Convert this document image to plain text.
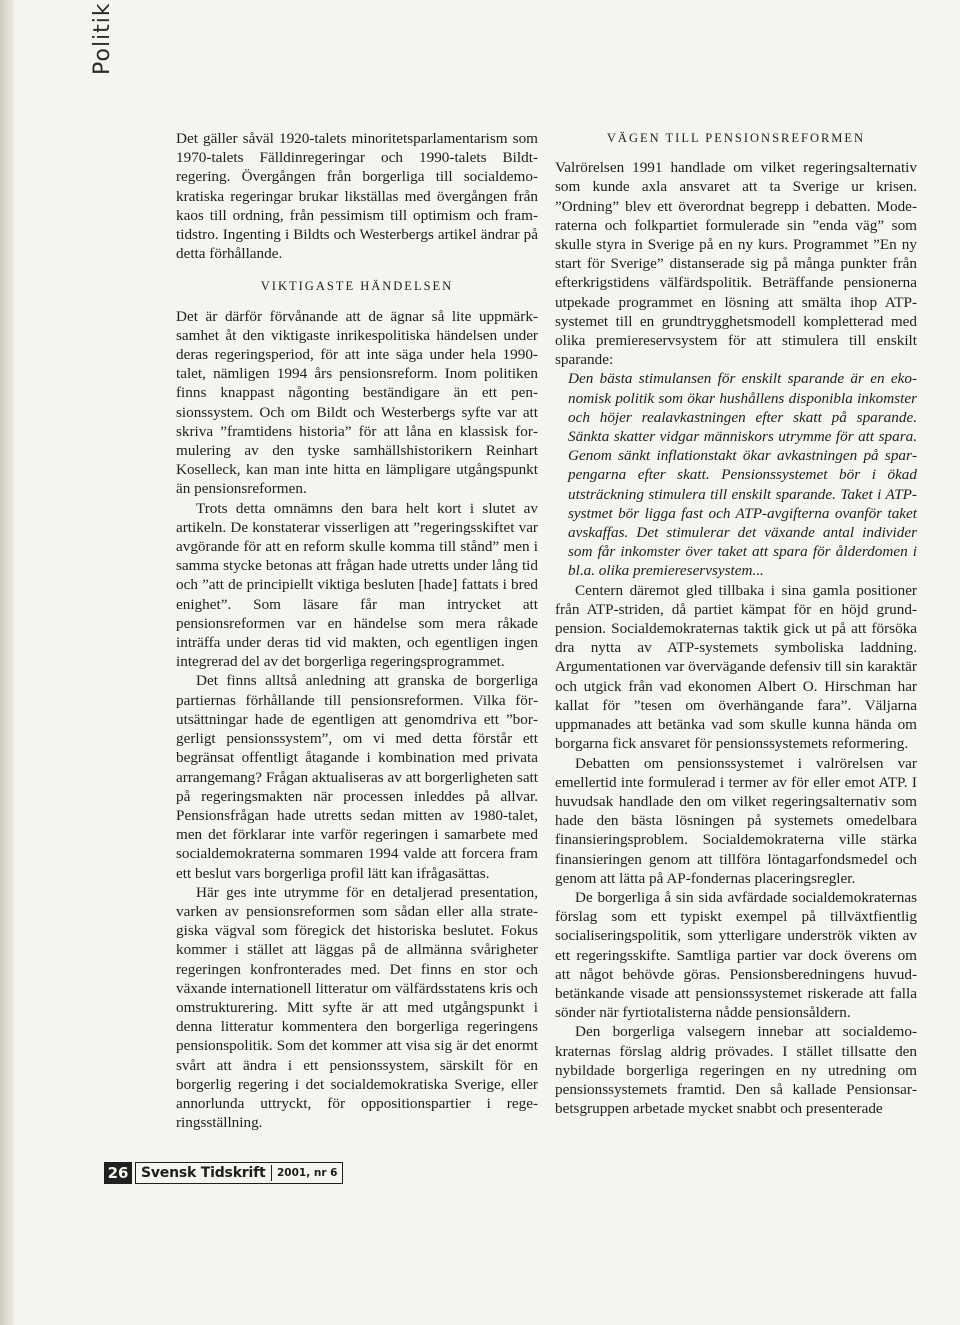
Politik

Det gäller såväl 1920-talets minoritetsparlamentarism som 1970-talets Fälldinregeringar och 1990-talets Bildtregering. Övergången från borgerliga till socialdemokratiska regeringar brukar likställas med övergången från kaos till ordning, från pessimism till optimism och framtidstro. Ingenting i Bildts och Westerbergs artikel ändrar på detta förhållande.

VIKTIGASTE HÄNDELSEN

Det är därför förvånande att de ägnar så lite uppmärksamhet åt den viktigaste inrikespolitiska händelsen under deras regeringsperiod, för att inte säga under hela 1990-talet, nämligen 1994 års pensionsreform. Inom politiken finns knappast någonting beständigare än ett pensionssystem. Och om Bildt och Westerbergs syfte var att skriva ”framtidens historia” för att låna en klassisk formulering av den tyske samhällshistorikern Reinhart Koselleck, kan man inte hitta en lämpligare utgångspunkt än pensionsreformen.

Trots detta omnämns den bara helt kort i slutet av artikeln. De konstaterar visserligen att ”regeringsskiftet var avgörande för att en reform skulle komma till stånd” men i samma stycke betonas att frågan hade utretts under lång tid och ”att de principiellt viktiga besluten [hade] fattats i bred enighet”. Som läsare får man intrycket att pensionsreformen var en händelse som mera råkade inträffa under deras tid vid makten, och egentligen ingen integrerad del av det borgerliga regeringsprogrammet.

Det finns alltså anledning att granska de borgerliga partiernas förhållande till pensionsreformen. Vilka förutsättningar hade de egentligen att genomdriva ett ”borgerligt pensionssystem”, om vi med detta förstår ett begränsat offentligt åtagande i kombination med privata arrangemang? Frågan aktualiseras av att borgerligheten satt på regeringsmakten när processen inleddes på allvar. Pensionsfrågan hade utretts sedan mitten av 1980-talet, men det förklarar inte varför regeringen i samarbete med socialdemokraterna sommaren 1994 valde att forcera fram ett beslut vars borgerliga profil lätt kan ifrågasättas.

Här ges inte utrymme för en detaljerad presentation, varken av pensionsreformen som sådan eller alla strategiska vägval som föregick det historiska beslutet. Fokus kommer i stället att läggas på de allmänna svårigheter regeringen konfronterades med. Det finns en stor och växande internationell litteratur om välfärdsstatens kris och omstrukturering. Mitt syfte är att med utgångspunkt i denna litteratur kommentera den borgerliga regeringens pensionspolitik. Som det kommer att visa sig är det enormt svårt att ändra i ett pensionssystem, särskilt för en borgerlig regering i det socialdemokratiska Sverige, eller annorlunda uttryckt, för oppositionspartier i regeringsställning.

VÄGEN TILL PENSIONSREFORMEN

Valrörelsen 1991 handlade om vilket regeringsalternativ som kunde axla ansvaret att ta Sverige ur krisen. ”Ordning” blev ett överordnat begrepp i debatten. Moderaterna och folkpartiet formulerade sin ”enda väg” som skulle styra in Sverige på en ny kurs. Programmet ”En ny start för Sverige” distanserade sig på många punkter från efterkrigstidens välfärdspolitik. Beträffande pensionerna utpekade programmet en lösning att smälta ihop ATP-systemet till en grundtrygghetsmodell kompletterad med olika premiereservsystem för att stimulera till enskilt sparande:

Den bästa stimulansen för enskilt sparande är en ekonomisk politik som ökar hushållens disponibla inkomster och höjer realavkastningen efter skatt på sparande. Sänkta skatter vidgar människors utrymme för att spara. Genom sänkt inflationstakt ökar avkastningen på sparpengarna efter skatt. Pensionssystemet bör i ökad utsträckning stimulera till enskilt sparande. Taket i ATP-systmet bör ligga fast och ATP-avgifterna ovanför taket avskaffas. Det stimulerar det växande antal individer som får inkomster över taket att spara för ålderdomen i bl.a. olika premiereservsystem...

Centern däremot gled tillbaka i sina gamla positioner från ATP-striden, då partiet kämpat för en höjd grundpension. Socialdemokraternas taktik gick ut på att försöka dra nytta av ATP-systemets symboliska laddning. Argumentationen var övervägande defensiv till sin karaktär och utgick från vad ekonomen Albert O. Hirschman har kallat för ”tesen om överhängande fara”. Väljarna uppmanades att betänka vad som skulle kunna hända om borgarna fick ansvaret för pensionssystemets reformering.

Debatten om pensionssystemet i valrörelsen var emellertid inte formulerad i termer av för eller emot ATP. I huvudsak handlade den om vilket regeringsalternativ som hade den bästa lösningen på systemets omedelbara finansieringsproblem. Socialdemokraterna ville stärka finansieringen genom att tillföra löntagarfondsmedel och genom att lätta på AP-fondernas placeringsregler.

De borgerliga å sin sida avfärdade socialdemokraternas förslag som ett typiskt exempel på tillväxtfientlig socialiseringspolitik, som ytterligare underströk vikten av ett regeringsskifte. Samtliga partier var dock överens om att något behövde göras. Pensionsberedningens huvudbetänkande visade att pensionssystemet riskerade att falla sönder när fyrtiotalisterna nådde pensionsåldern.

Den borgerliga valsegern innebar att socialdemokraternas förslag aldrig prövades. I stället tillsatte den nybildade borgerliga regeringen en ny utredning om pensionssystemets framtid. Den så kallade Pensionsarbetsgruppen arbetade mycket snabbt och presenterade

26 Svensk Tidskrift 2001, nr 6
